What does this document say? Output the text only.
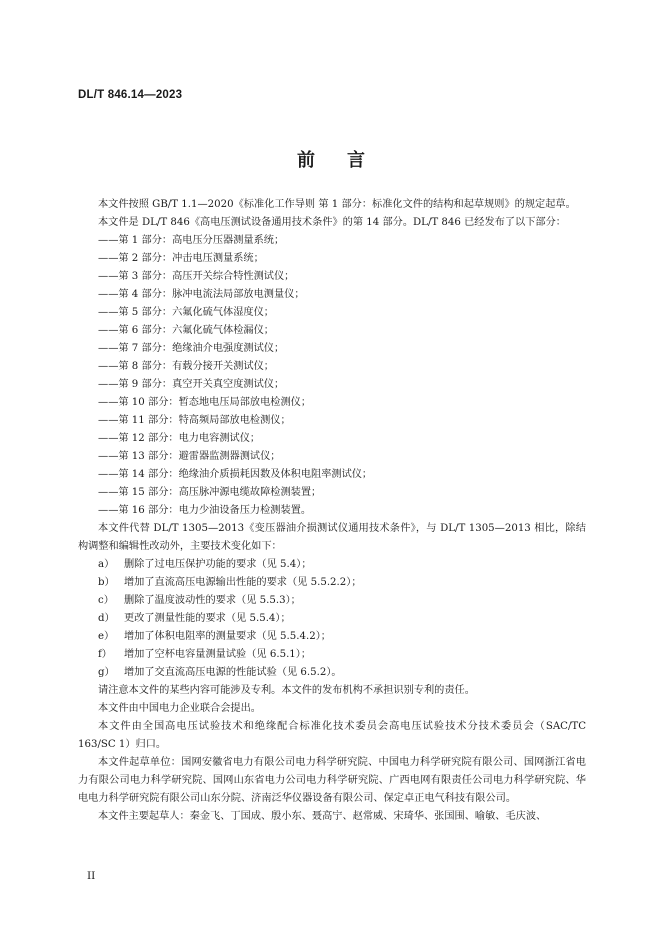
DL/T 846.14—2023
前言

本文件按照 GB/T 1.1—2020《标准化工作导则 第 1 部分：标准化文件的结构和起草规则》的规定起草。

本文件是 DL/T 846《高电压测试设备通用技术条件》的第 14 部分。DL/T 846 已经发布了以下部分：

——第 1 部分：高电压分压器测量系统；

——第 2 部分：冲击电压测量系统；

——第 3 部分：高压开关综合特性测试仪；

——第 4 部分：脉冲电流法局部放电测量仪；

——第 5 部分：六氟化硫气体湿度仪；

——第 6 部分：六氟化硫气体检漏仪；

——第 7 部分：绝缘油介电强度测试仪；

——第 8 部分：有载分接开关测试仪；

——第 9 部分：真空开关真空度测试仪；

——第 10 部分：暂态地电压局部放电检测仪；

——第 11 部分：特高频局部放电检测仪；

——第 12 部分：电力电容测试仪；

——第 13 部分：避雷器监测器测试仪；

——第 14 部分：绝缘油介质损耗因数及体积电阻率测试仪；

——第 15 部分：高压脉冲源电缆故障检测装置；

——第 16 部分：电力少油设备压力检测装置。

本文件代替 DL/T 1305—2013《变压器油介损测试仪通用技术条件》，与 DL/T 1305—2013 相比，除结构调整和编辑性改动外，主要技术变化如下：

a） 删除了过电压保护功能的要求（见 5.4）；

b） 增加了直流高压电源输出性能的要求（见 5.5.2.2）；

c） 删除了温度波动性的要求（见 5.5.3）；

d） 更改了测量性能的要求（见 5.5.4）；

e） 增加了体积电阻率的测量要求（见 5.5.4.2）；

f） 增加了空杯电容量测量试验（见 6.5.1）；

g） 增加了交直流高压电源的性能试验（见 6.5.2）。

请注意本文件的某些内容可能涉及专利。本文件的发布机构不承担识别专利的责任。

本文件由中国电力企业联合会提出。

本文件由全国高电压试验技术和绝缘配合标准化技术委员会高电压试验技术分技术委员会（SAC/TC 163/SC 1）归口。

本文件起草单位：国网安徽省电力有限公司电力科学研究院、中国电力科学研究院有限公司、国网浙江省电力有限公司电力科学研究院、国网山东省电力公司电力科学研究院、广西电网有限责任公司电力科学研究院、华电电力科学研究院有限公司山东分院、济南泛华仪器设备有限公司、保定卓正电气科技有限公司。

本文件主要起草人：秦金飞、丁国成、殷小东、聂高宁、赵常威、宋琦华、张国围、喻敏、毛庆波、

II
